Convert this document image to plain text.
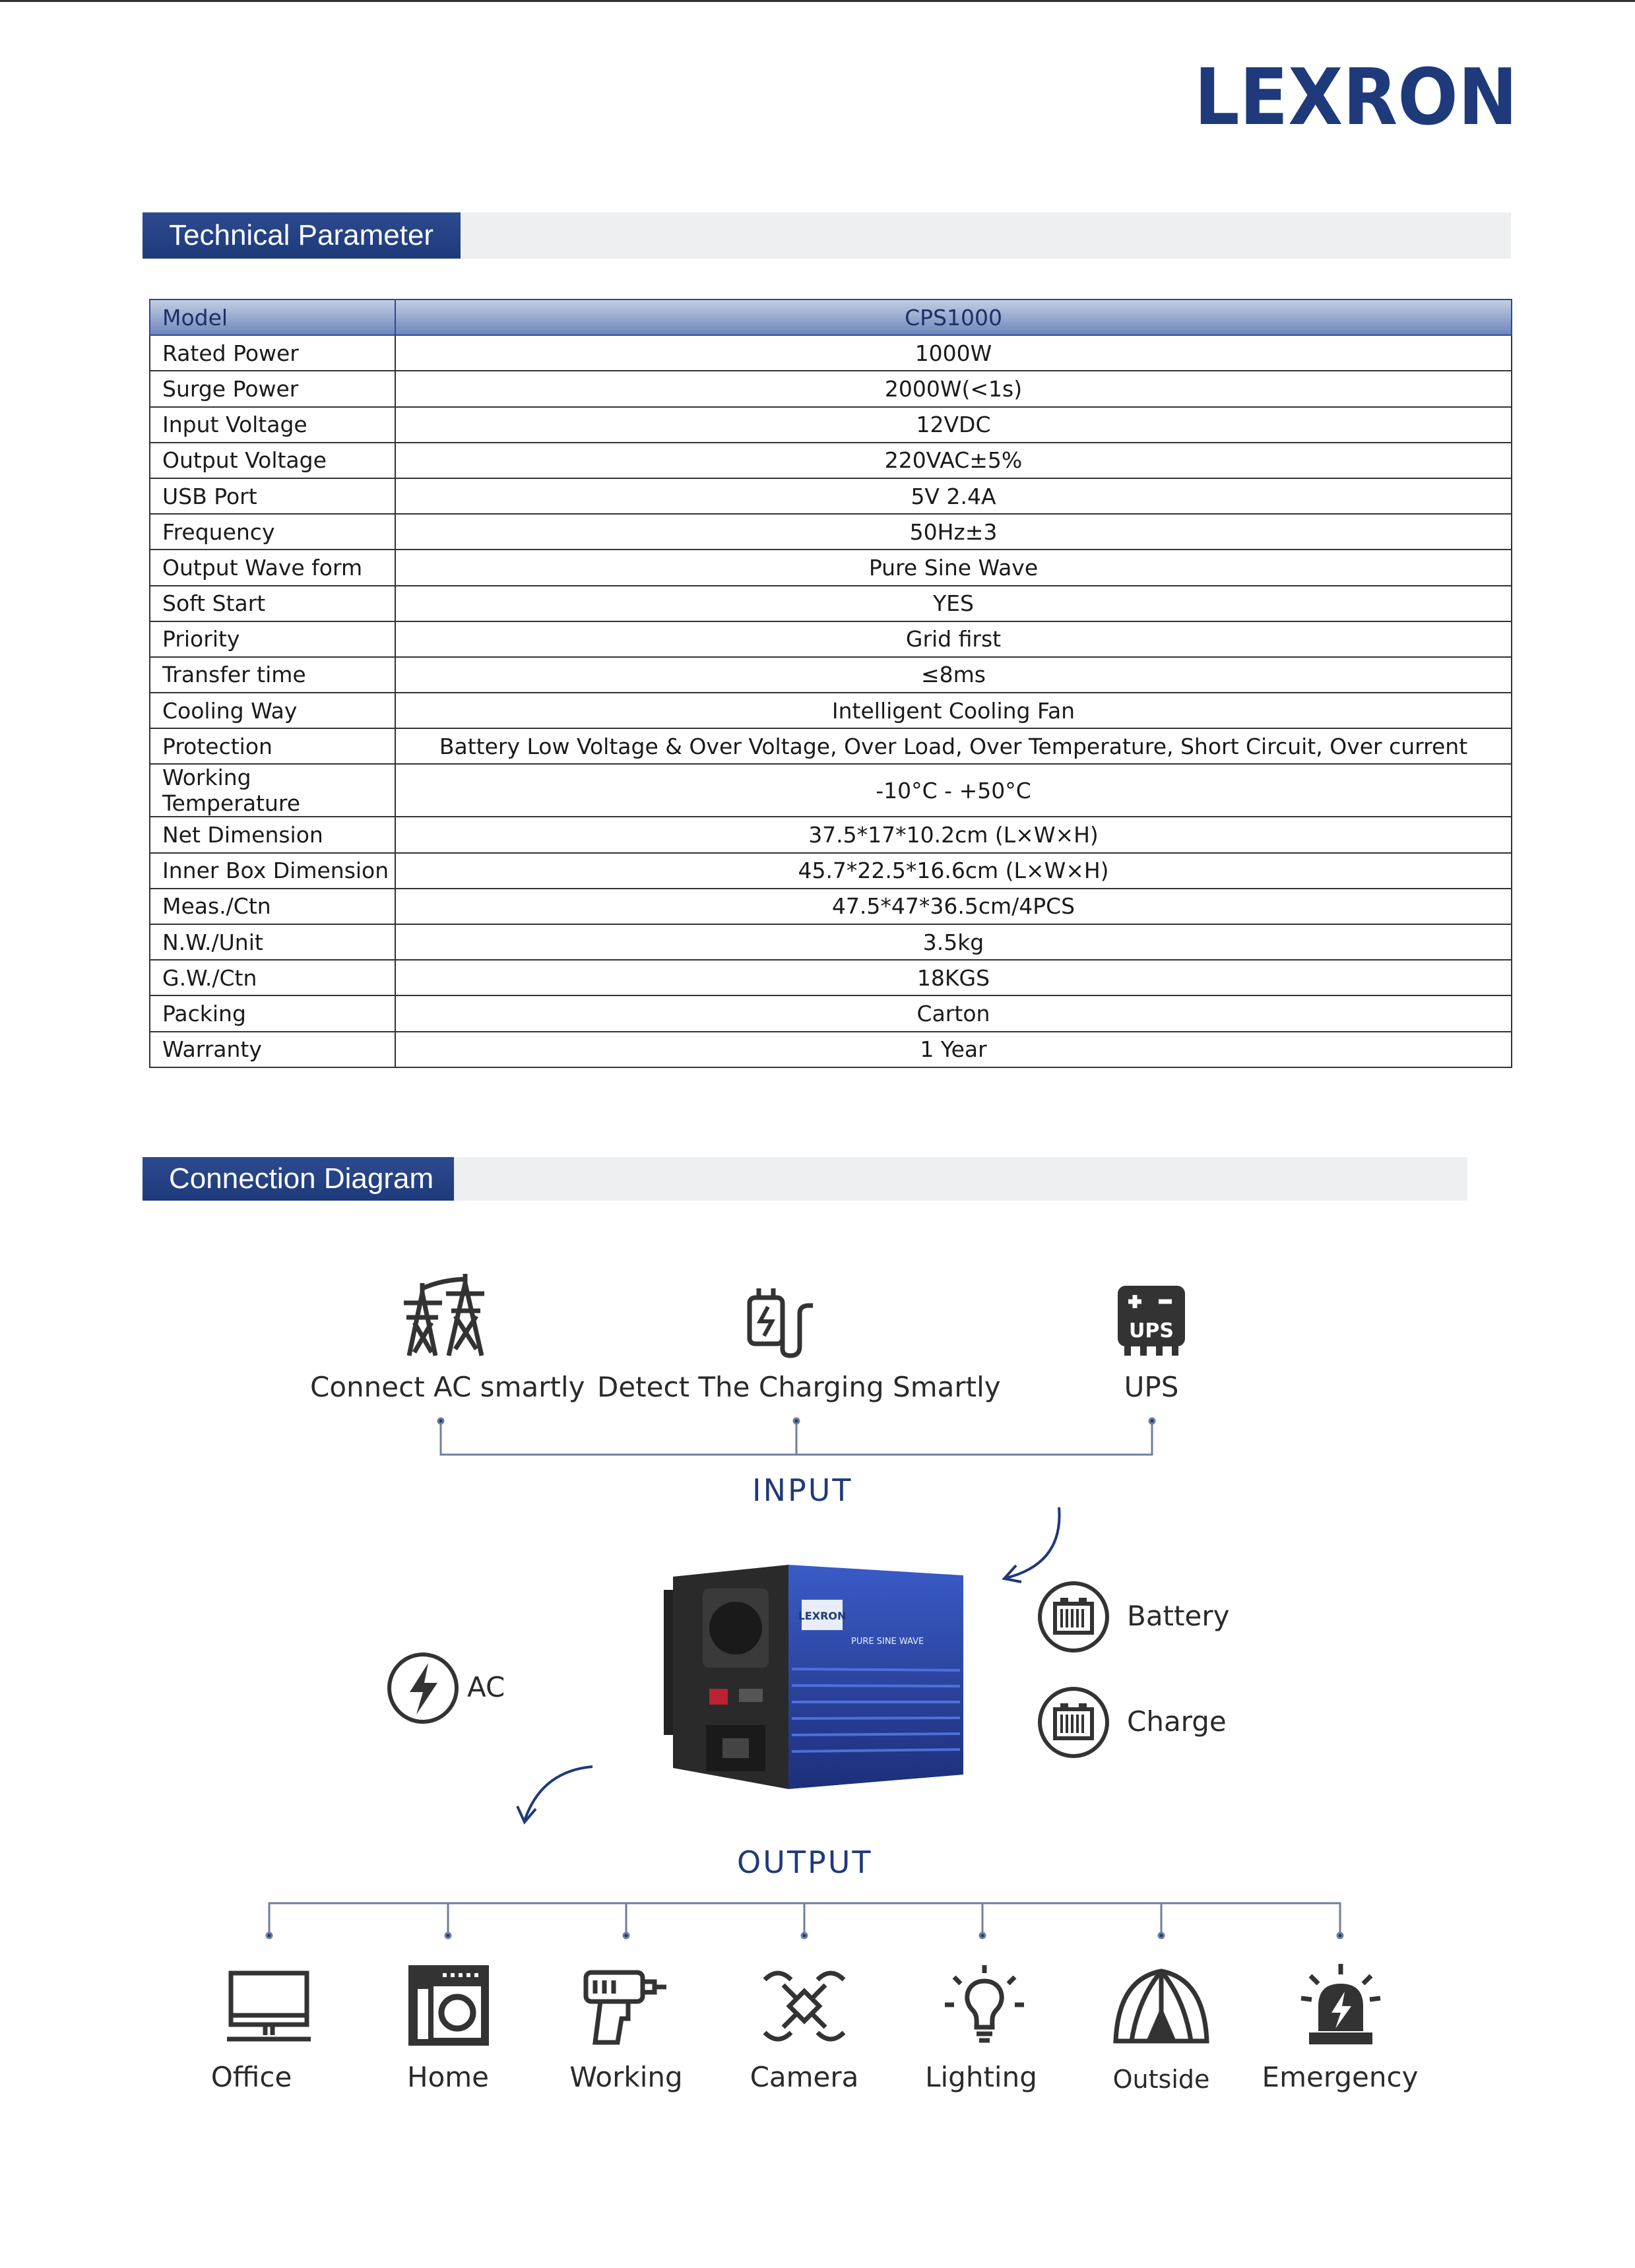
LEXRON
Technical Parameter
Model	CPS1000
Rated Power	1000W
Surge Power	2000W(<1s)
Input Voltage	12VDC
Output Voltage	220VAC±5%
USB Port	5V 2.4A
Frequency	50Hz±3
Output Wave form	Pure Sine Wave
Soft Start	YES
Priority	Grid first
Transfer time	≤8ms
Cooling Way	Intelligent Cooling Fan
Protection	Battery Low Voltage & Over Voltage, Over Load, Over Temperature, Short Circuit, Over current
Working Temperature	-10°C - +50°C
Net Dimension	37.5*17*10.2cm (L×W×H)
Inner Box Dimension	45.7*22.5*16.6cm (L×W×H)
Meas./Ctn	47.5*47*36.5cm/4PCS
N.W./Unit	3.5kg
G.W./Ctn	18KGS
Packing	Carton
Warranty	1 Year
Connection Diagram
UPS
Connect AC smartly Detect The Charging Smartly	UPS
INPUT
OUTPUT
AC
LEXRON
PURE SINE WAVE
Battery
Charge
Office	Home	Working	Camera	Lighting	Outside	Emergency
